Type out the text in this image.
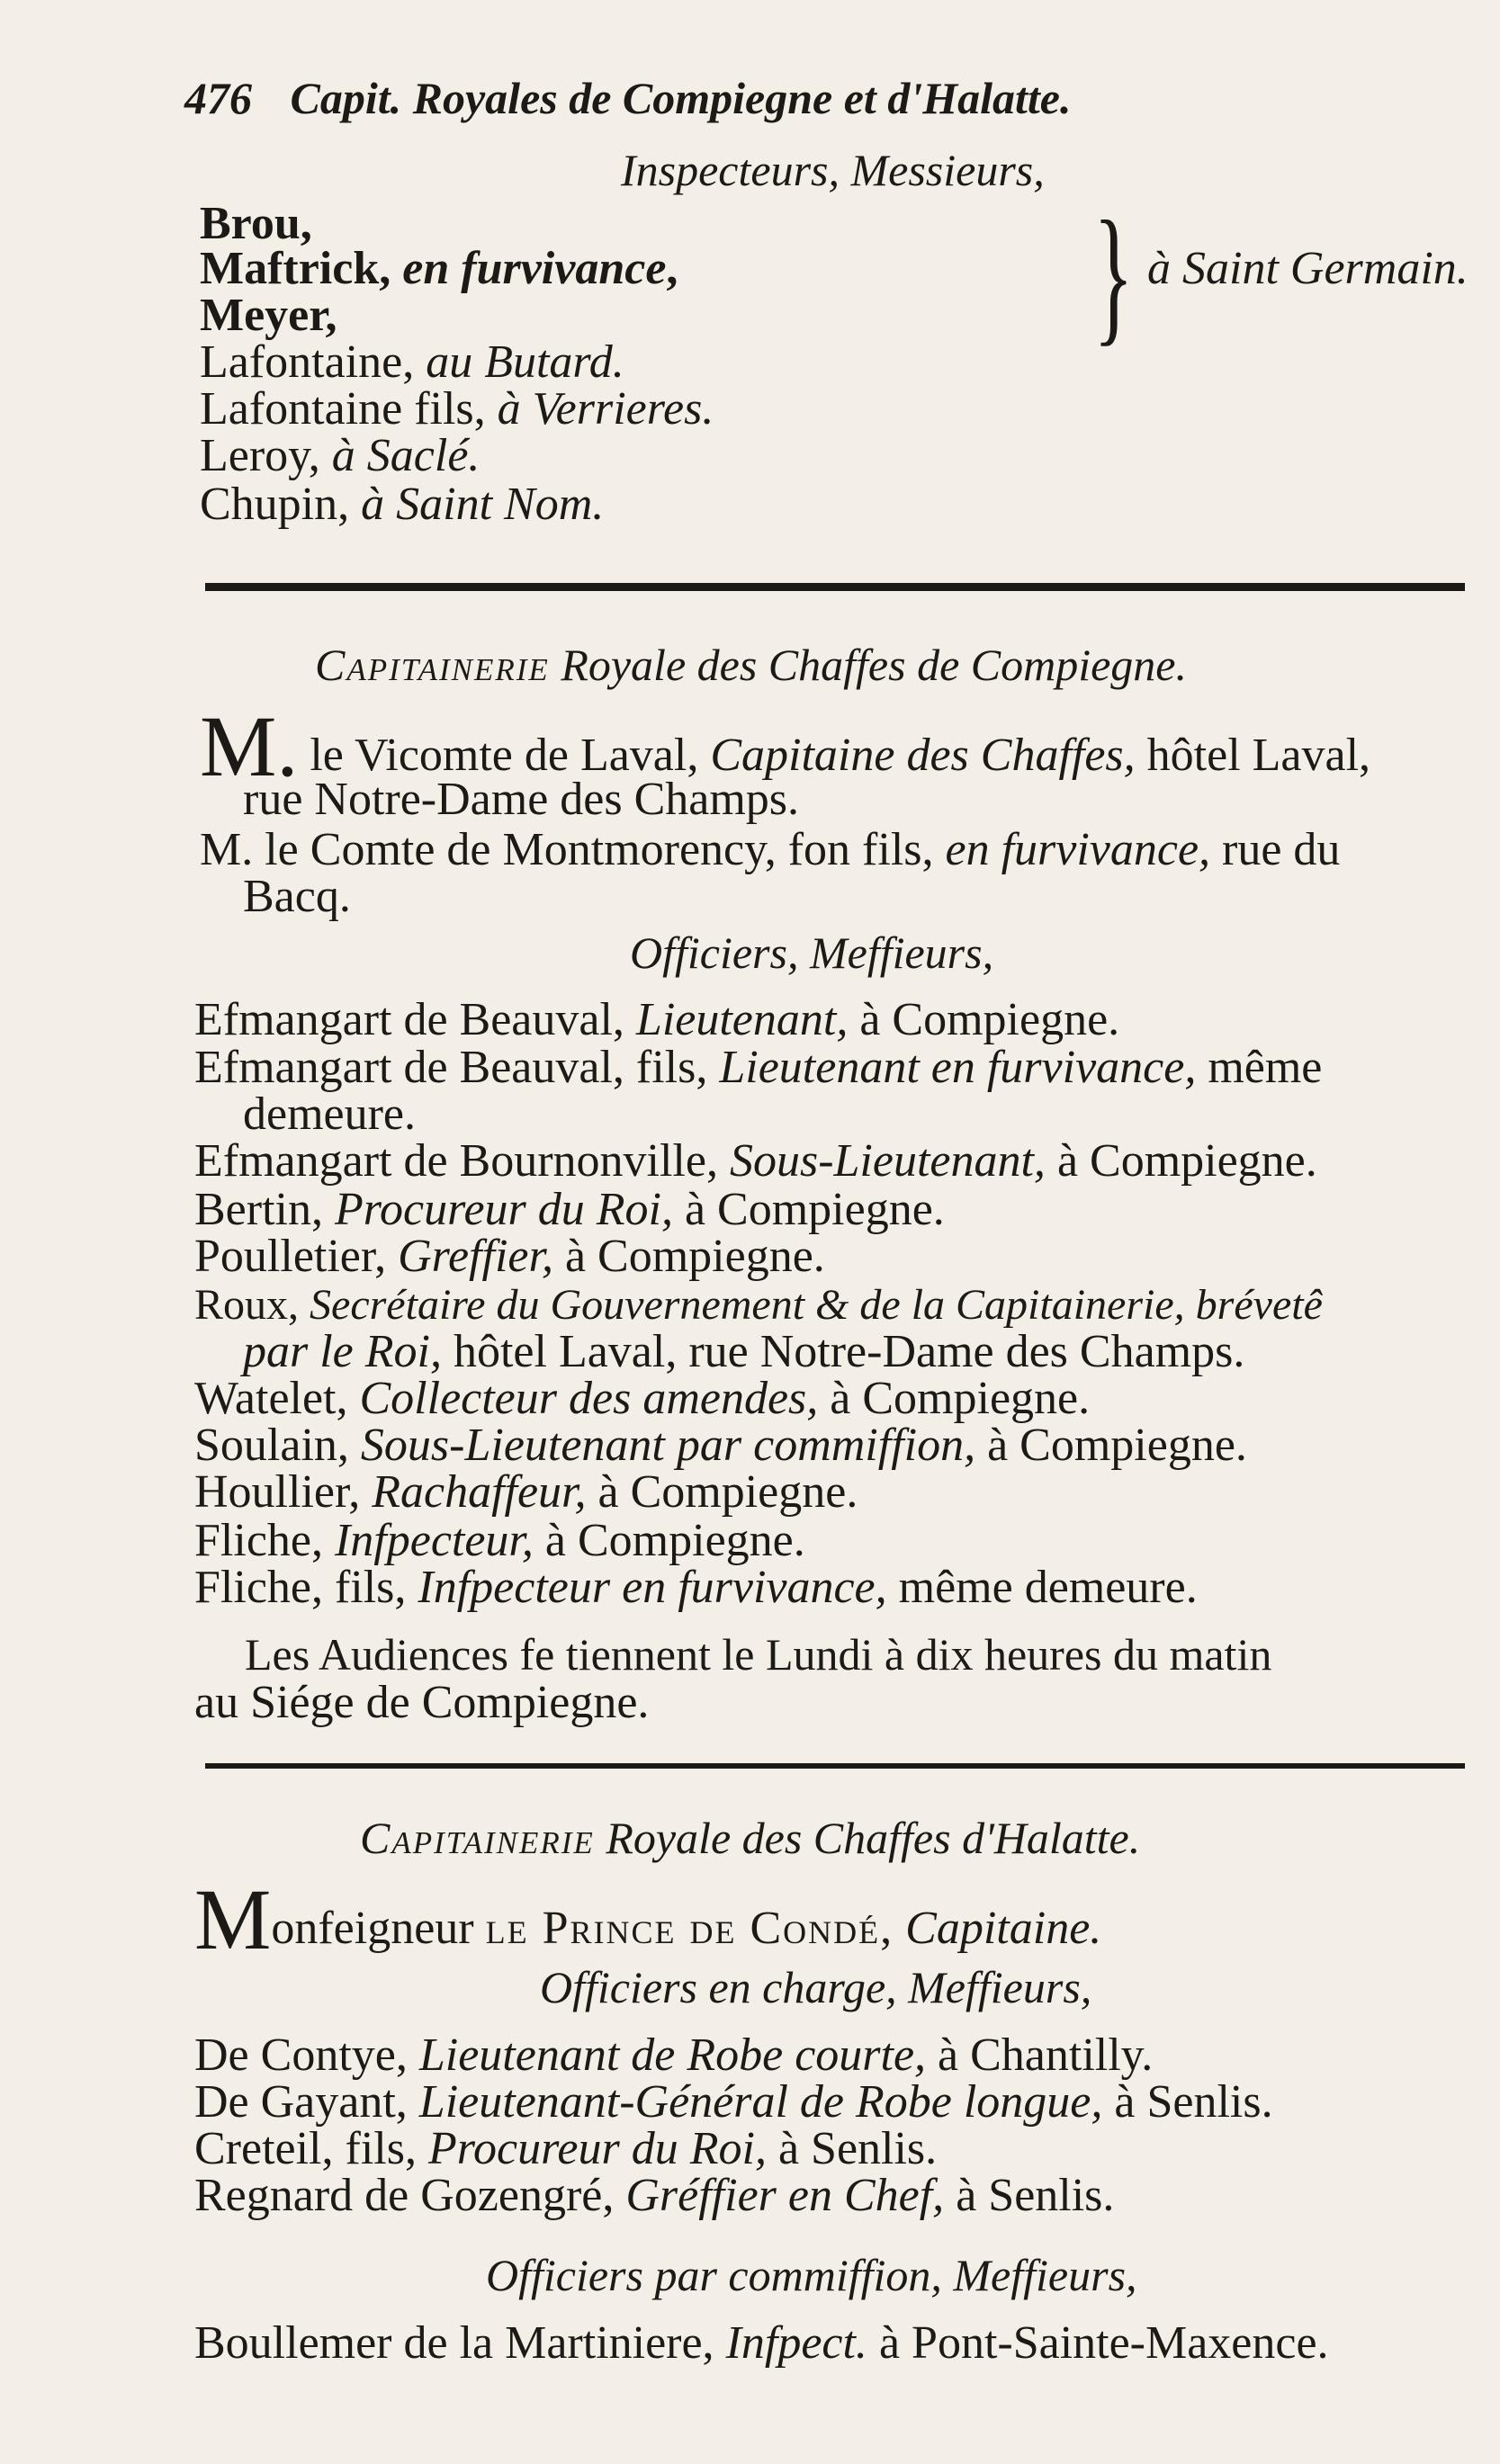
476 Capit. Royales de Compiegne et d'Halatte.
Inspecteurs, Messieurs,
Brou,
Maftrick, en furvivance,
Meyer,
Lafontaine, au Butard.
Lafontaine fils, à Verrieres.
Leroy, à Saclé.
Chupin, à Saint Nom.
} à Saint Germain.
Capitainerie Royale des Chaffes de Compiegne.
M. le Vicomte de Laval, Capitaine des Chaffes, hôtel Laval,
rue Notre-Dame des Champs.
M. le Comte de Montmorency, fon fils, en furvivance, rue du
Bacq.
Officiers, Meffieurs,
Efmangart de Beauval, Lieutenant, à Compiegne.
Efmangart de Beauval, fils, Lieutenant en furvivance, même
demeure.
Efmangart de Bournonville, Sous-Lieutenant, à Compiegne.
Bertin, Procureur du Roi, à Compiegne.
Poulletier, Greffier, à Compiegne.
Roux, Secrétaire du Gouvernement & de la Capitainerie, brévetê
par le Roi, hôtel Laval, rue Notre-Dame des Champs.
Watelet, Collecteur des amendes, à Compiegne.
Soulain, Sous-Lieutenant par commiffion, à Compiegne.
Houllier, Rachaffeur, à Compiegne.
Fliche, Infpecteur, à Compiegne.
Fliche, fils, Infpecteur en furvivance, même demeure.
Les Audiences fe tiennent le Lundi à dix heures du matin
au Siége de Compiegne.
Capitainerie Royale des Chaffes d'Halatte.
Monfeigneur le Prince de Condé, Capitaine.
Officiers en charge, Meffieurs,
De Contye, Lieutenant de Robe courte, à Chantilly.
De Gayant, Lieutenant-Général de Robe longue, à Senlis.
Creteil, fils, Procureur du Roi, à Senlis.
Regnard de Gozengré, Gréffier en Chef, à Senlis.
Officiers par commiffion, Meffieurs,
Boullemer de la Martiniere, Infpect. à Pont-Sainte-Maxence.
